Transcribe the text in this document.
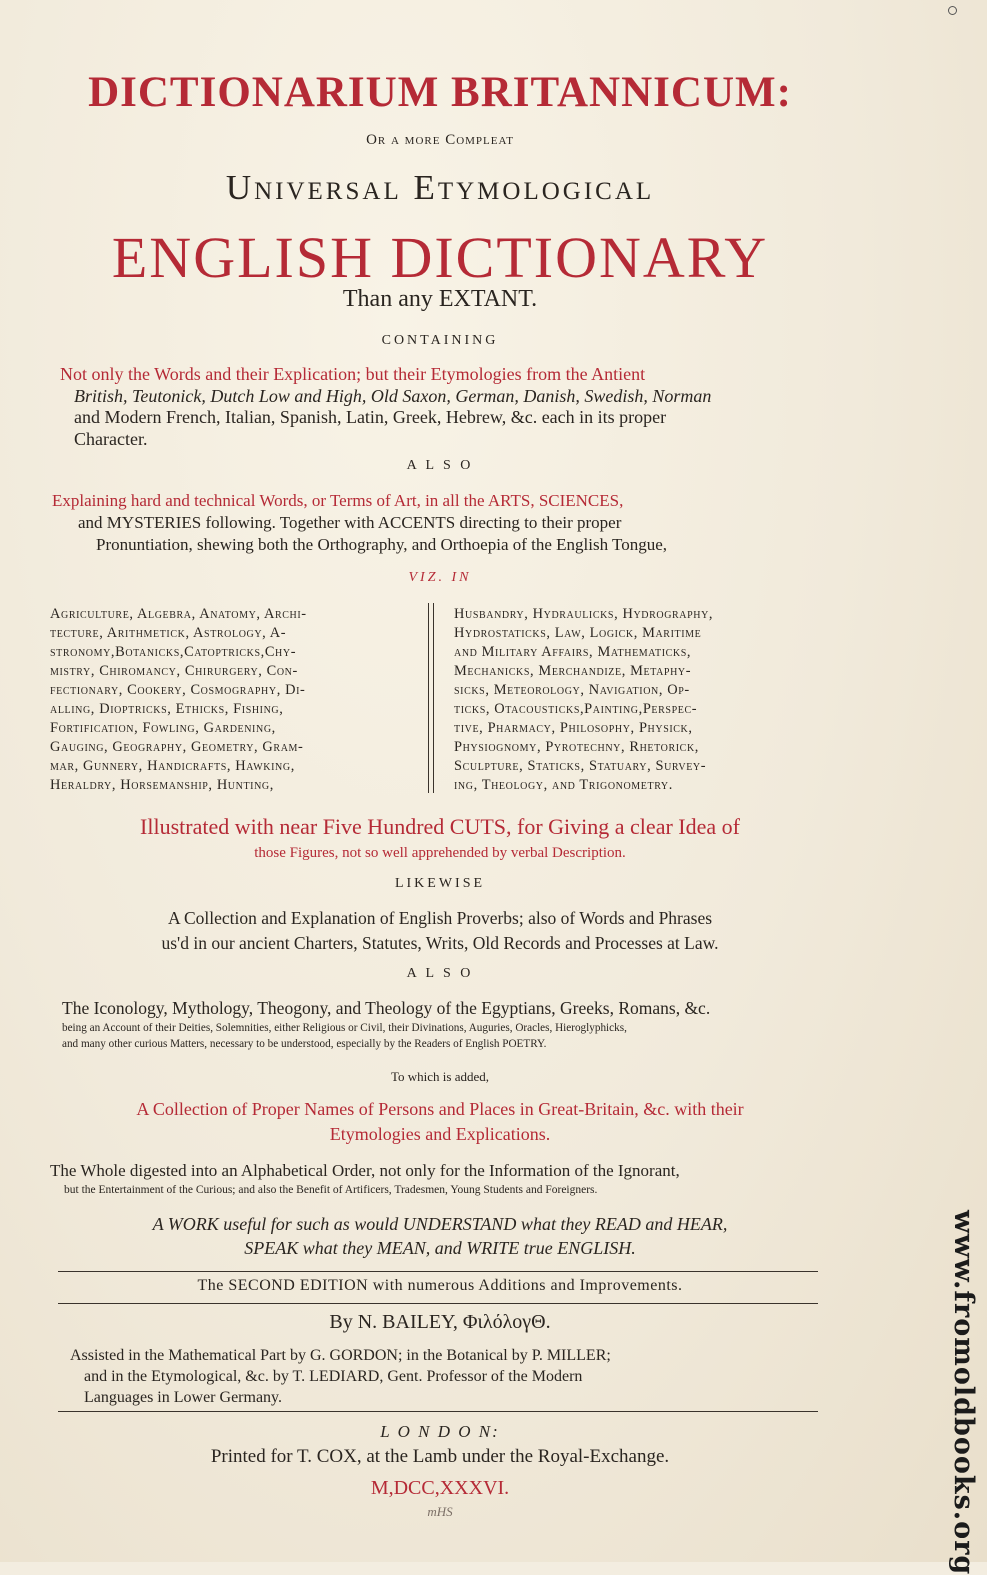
DICTIONARIUM BRITANNICUM:
Or a more Compleat
Universal Etymological
ENGLISH DICTIONARY
Than any EXTANT.
CONTAINING
Not only the Words and their Explication; but their Etymologies from the Antient
British, Teutonick, Dutch Low and High, Old Saxon, German, Danish, Swedish, Norman
and Modern French, Italian, Spanish, Latin, Greek, Hebrew, &c. each in its proper
Character.
A L S O
Explaining hard and technical Words, or Terms of Art, in all the ARTS, SCIENCES,
and MYSTERIES following. Together with ACCENTS directing to their proper
Pronuntiation, shewing both the Orthography, and Orthoepia of the English Tongue,
VIZ. IN
Agriculture, Algebra, Anatomy, Archi-
tecture, Arithmetick, Astrology, A-
stronomy,Botanicks,Catoptricks,Chy-
mistry, Chiromancy, Chirurgery, Con-
fectionary, Cookery, Cosmography, Di-
alling, Dioptricks, Ethicks, Fishing,
Fortification, Fowling, Gardening,
Gauging, Geography, Geometry, Gram-
mar, Gunnery, Handicrafts, Hawking,
Heraldry, Horsemanship, Hunting,
Husbandry, Hydraulicks, Hydrography,
Hydrostaticks, Law, Logick, Maritime
and Military Affairs, Mathematicks,
Mechanicks, Merchandize, Metaphy-
sicks, Meteorology, Navigation, Op-
ticks, Otacousticks,Painting,Perspec-
tive, Pharmacy, Philosophy, Physick,
Physiognomy, Pyrotechny, Rhetorick,
Sculpture, Staticks, Statuary, Survey-
ing, Theology, and Trigonometry.
Illustrated with near Five Hundred CUTS, for Giving a clear Idea of
those Figures, not so well apprehended by verbal Description.
LIKEWISE
A Collection and Explanation of English Proverbs; also of Words and Phrases
us'd in our ancient Charters, Statutes, Writs, Old Records and Processes at Law.
A L S O
The Iconology, Mythology, Theogony, and Theology of the Egyptians, Greeks, Romans, &c.
being an Account of their Deities, Solemnities, either Religious or Civil, their Divinations, Auguries, Oracles, Hieroglyphicks,
and many other curious Matters, necessary to be understood, especially by the Readers of English POETRY.
To which is added,
A Collection of Proper Names of Persons and Places in Great-Britain, &c. with their
Etymologies and Explications.
The Whole digested into an Alphabetical Order, not only for the Information of the Ignorant,
but the Entertainment of the Curious; and also the Benefit of Artificers, Tradesmen, Young Students and Foreigners.
A WORK useful for such as would UNDERSTAND what they READ and HEAR,
SPEAK what they MEAN, and WRITE true ENGLISH.
The SECOND EDITION with numerous Additions and Improvements.
By N. BAILEY, ΦιλόλογΘ.
Assisted in the Mathematical Part by G. GORDON; in the Botanical by P. MILLER;
and in the Etymological, &c. by T. LEDIARD, Gent. Professor of the Modern
Languages in Lower Germany.
L O N D O N:
Printed for T. COX, at the Lamb under the Royal-Exchange.
M,DCC,XXXVI.
mHS	www.fromoldbooks.org
